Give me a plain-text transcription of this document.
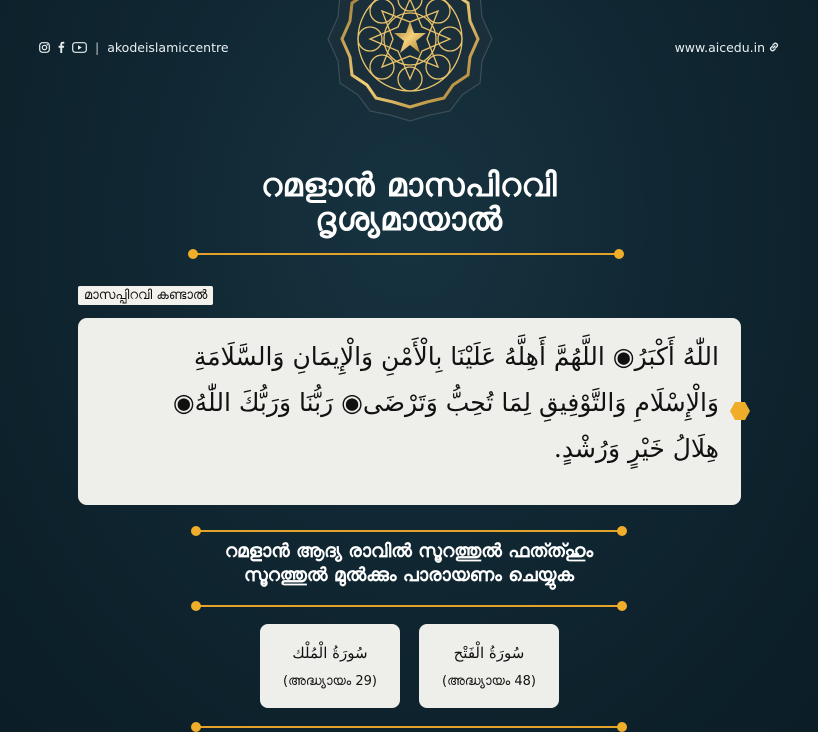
| akodeislamiccentre	www.aicedu.in
റമളാൻ മാസപിറവി
ദൃശ്യമായാൽ
മാസപ്പിറവി കണ്ടാൽ
اللّٰهُ أَكْبَرُ◉ اللَّهُمَّ أَهِلَّهُ عَلَيْنَا بِالْأَمْنِ وَالْإِيمَانِ وَالسَّلَامَةِ
وَالْإِسْلَامِ وَالتَّوْفِيقِ لِمَا تُحِبُّ وَتَرْضَى◉ رَبُّنَا وَرَبُّكَ اللّٰهُ◉
هِلَالُ خَيْرٍ وَرُشْدٍ.
റമളാൻ ആദ്യ രാവിൽ സൂറത്തുൽ ഫത്ത്ഹും
സൂറത്തുൽ മുൽക്കും പാരായണം ചെയ്യുക
سُورَةُ الْمُلْك
(അദ്ധ്യായം 29)
سُورَةُ الْفَتْح
(അദ്ധ്യായം 48)
